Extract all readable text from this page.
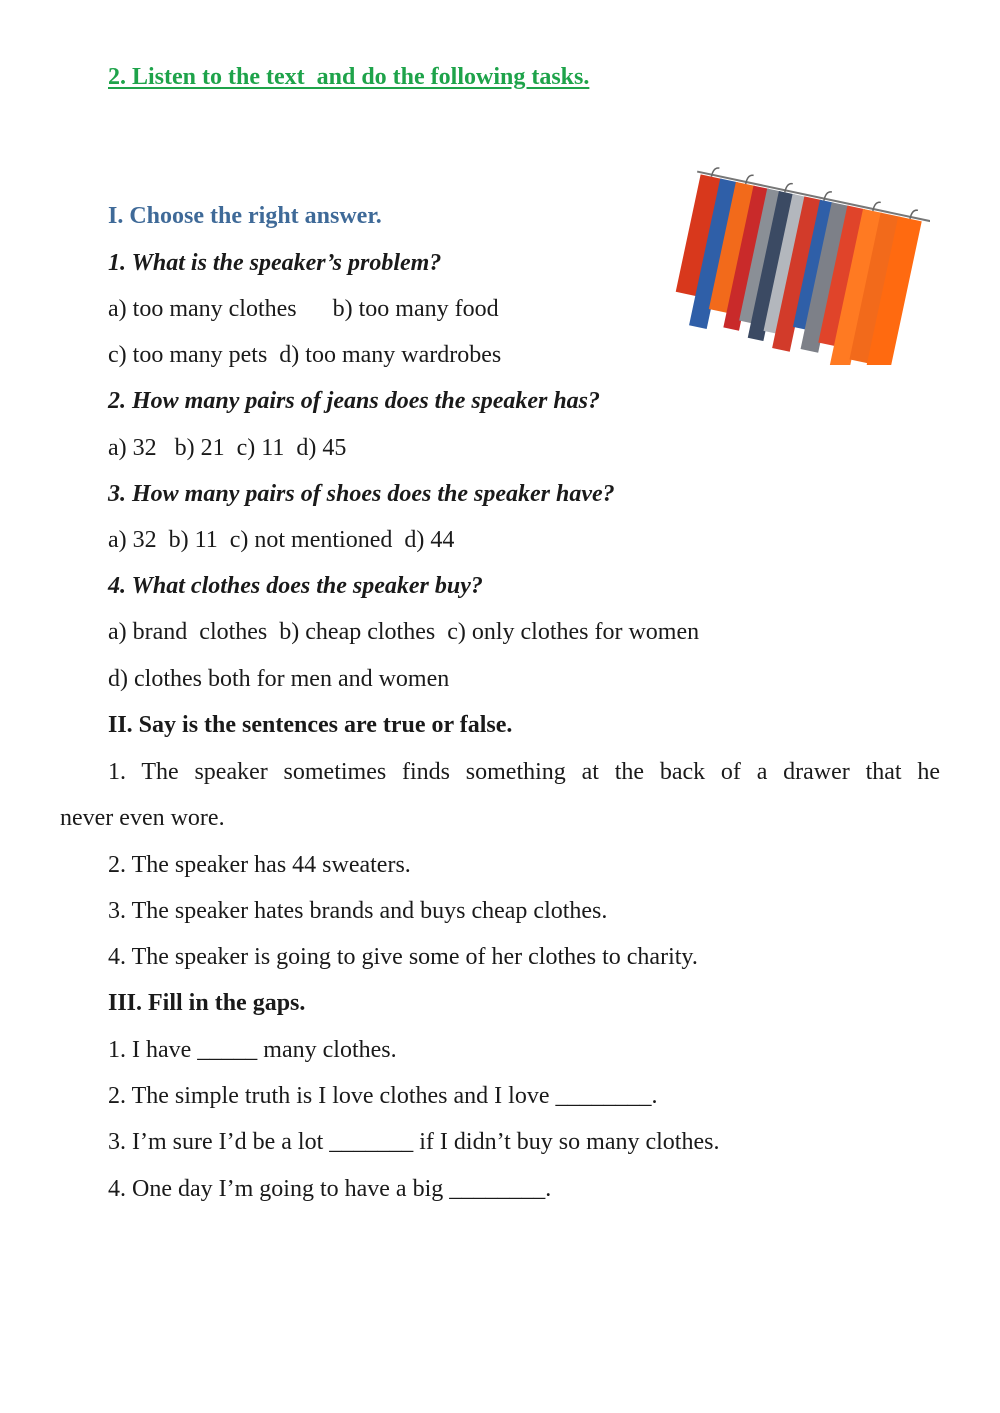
2. Listen to the text  and do the following tasks.
I. Choose the right answer.
1. What is the speaker’s problem?
a) too many clothes      b) too many food
c) too many pets  d) too many wardrobes
2. How many pairs of jeans does the speaker has?
a) 32   b) 21  c) 11  d) 45
3. How many pairs of shoes does the speaker have?
a) 32  b) 11  c) not mentioned  d) 44
4. What clothes does the speaker buy?
a) brand  clothes  b) cheap clothes  c) only clothes for women
d) clothes both for men and women
II. Say is the sentences are true or false.
1. The speaker sometimes finds something at the back of a drawer that he
never even wore.
2. The speaker has 44 sweaters.
3. The speaker hates brands and buys cheap clothes.
4. The speaker is going to give some of her clothes to charity.
III. Fill in the gaps.
1. I have _____ many clothes.
2. The simple truth is I love clothes and I love ________.
3. I’m sure I’d be a lot _______ if I didn’t buy so many clothes.
4. One day I’m going to have a big ________.
